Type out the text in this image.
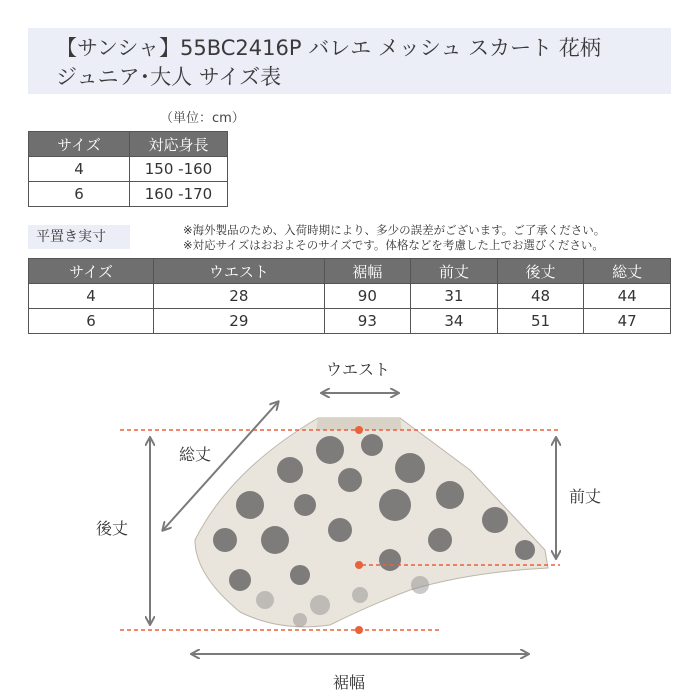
【サンシャ】55BC2416P バレエ メッシュ スカート 花柄
ジュニア･大人 サイズ表
（単位：cm）
サイズ	対応身長
4	150 -160
6	160 -170
平置き実寸	※海外製品のため、入荷時期により、多少の誤差がございます。ご了承ください。
※対応サイズはおおよそのサイズです。体格などを考慮した上でお選びください。
サイズ	ウエスト	裾幅	前丈	後丈	総丈
4	28	90	31	48	44
6	29	93	34	51	47
ウエスト
総丈
後丈
前丈
裾幅
